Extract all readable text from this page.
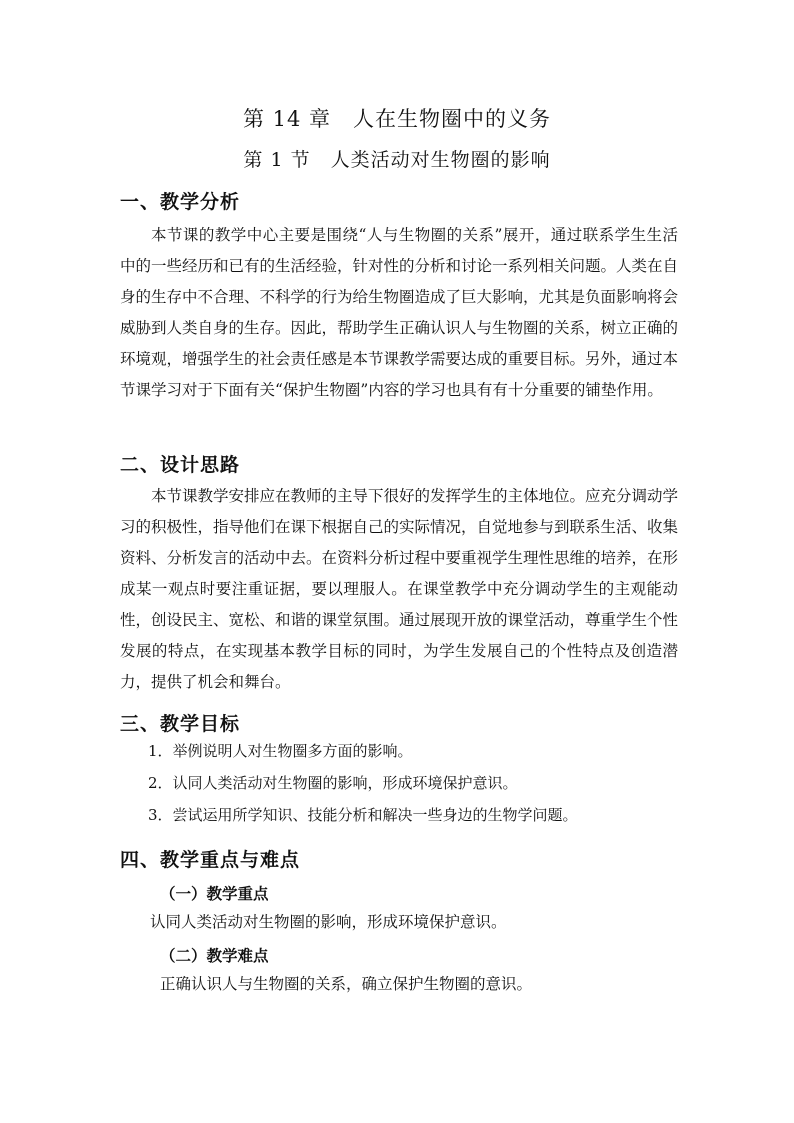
第 14 章　人在生物圈中的义务
第 1 节　人类活动对生物圈的影响
一、教学分析

本节课的教学中心主要是围绕“人与生物圈的关系”展开，通过联系学生生活中的一些经历和已有的生活经验，针对性的分析和讨论一系列相关问题。人类在自身的生存中不合理、不科学的行为给生物圈造成了巨大影响，尤其是负面影响将会威胁到人类自身的生存。因此，帮助学生正确认识人与生物圈的关系，树立正确的环境观，增强学生的社会责任感是本节课教学需要达成的重要目标。另外，通过本节课学习对于下面有关“保护生物圈”内容的学习也具有有十分重要的铺垫作用。

二、设计思路

本节课教学安排应在教师的主导下很好的发挥学生的主体地位。应充分调动学习的积极性，指导他们在课下根据自己的实际情况，自觉地参与到联系生活、收集资料、分析发言的活动中去。在资料分析过程中要重视学生理性思维的培养，在形成某一观点时要注重证据，要以理服人。在课堂教学中充分调动学生的主观能动性，创设民主、宽松、和谐的课堂氛围。通过展现开放的课堂活动，尊重学生个性发展的特点，在实现基本教学目标的同时，为学生发展自己的个性特点及创造潜力，提供了机会和舞台。

三、教学目标
1．举例说明人对生物圈多方面的影响。
2．认同人类活动对生物圈的影响，形成环境保护意识。
3．尝试运用所学知识、技能分析和解决一些身边的生物学问题。
四、教学重点与难点
（一）教学重点
认同人类活动对生物圈的影响，形成环境保护意识。
（二）教学难点
正确认识人与生物圈的关系，确立保护生物圈的意识。
